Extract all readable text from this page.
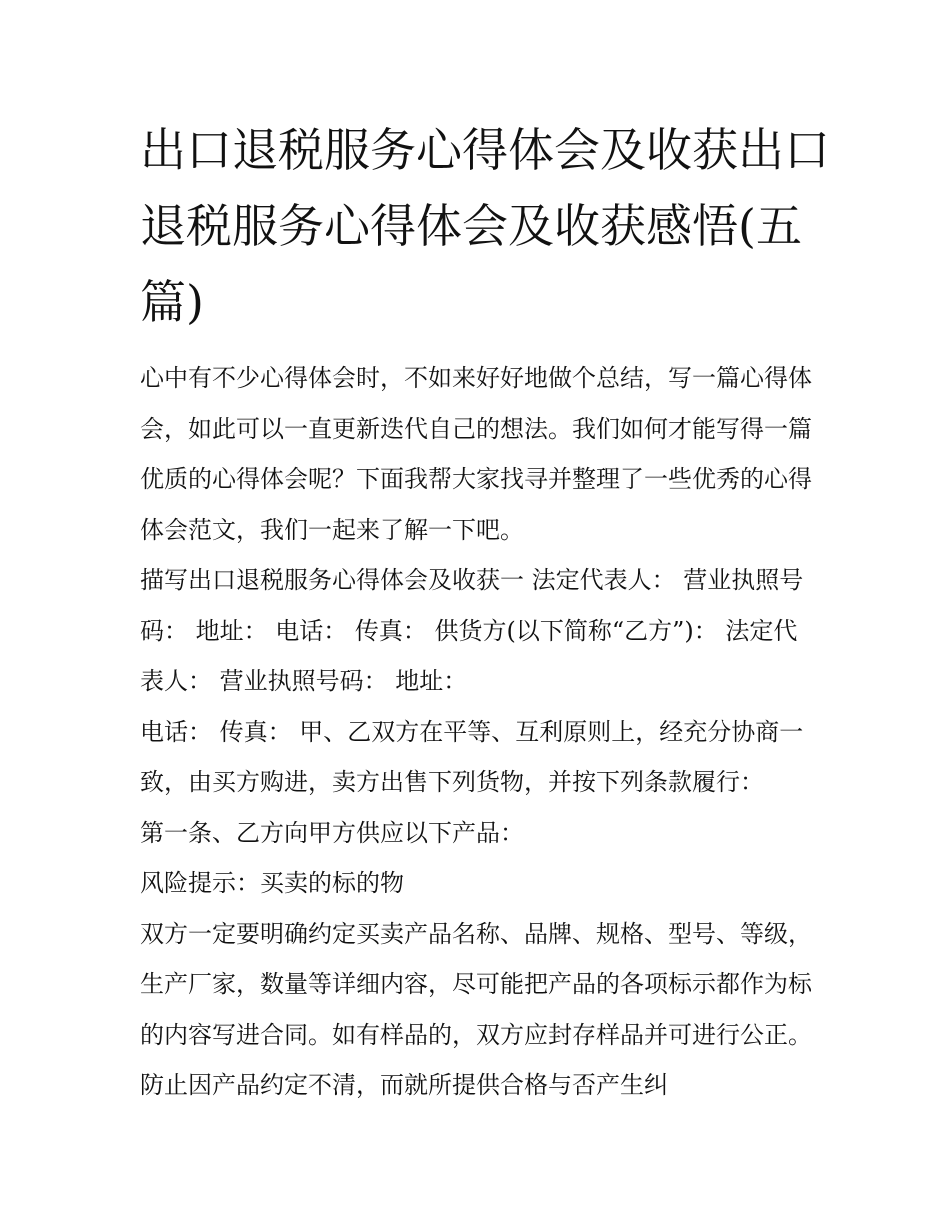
出口退税服务心得体会及收获出口退税服务心得体会及收获感悟(五篇)

心中有不少心得体会时，不如来好好地做个总结，写一篇心得体会，如此可以一直更新迭代自己的想法。我们如何才能写得一篇优质的心得体会呢？下面我帮大家找寻并整理了一些优秀的心得体会范文，我们一起来了解一下吧。

描写出口退税服务心得体会及收获一 法定代表人： 营业执照号码： 地址： 电话： 传真： 供货方(以下简称“乙方”)： 法定代表人： 营业执照号码： 地址：

电话： 传真： 甲、乙双方在平等、互利原则上，经充分协商一致，由买方购进，卖方出售下列货物，并按下列条款履行：

第一条、乙方向甲方供应以下产品：

风险提示：买卖的标的物

双方一定要明确约定买卖产品名称、品牌、规格、型号、等级，生产厂家，数量等详细内容，尽可能把产品的各项标示都作为标的内容写进合同。如有样品的，双方应封存样品并可进行公正。防止因产品约定不清，而就所提供合格与否产生纠
